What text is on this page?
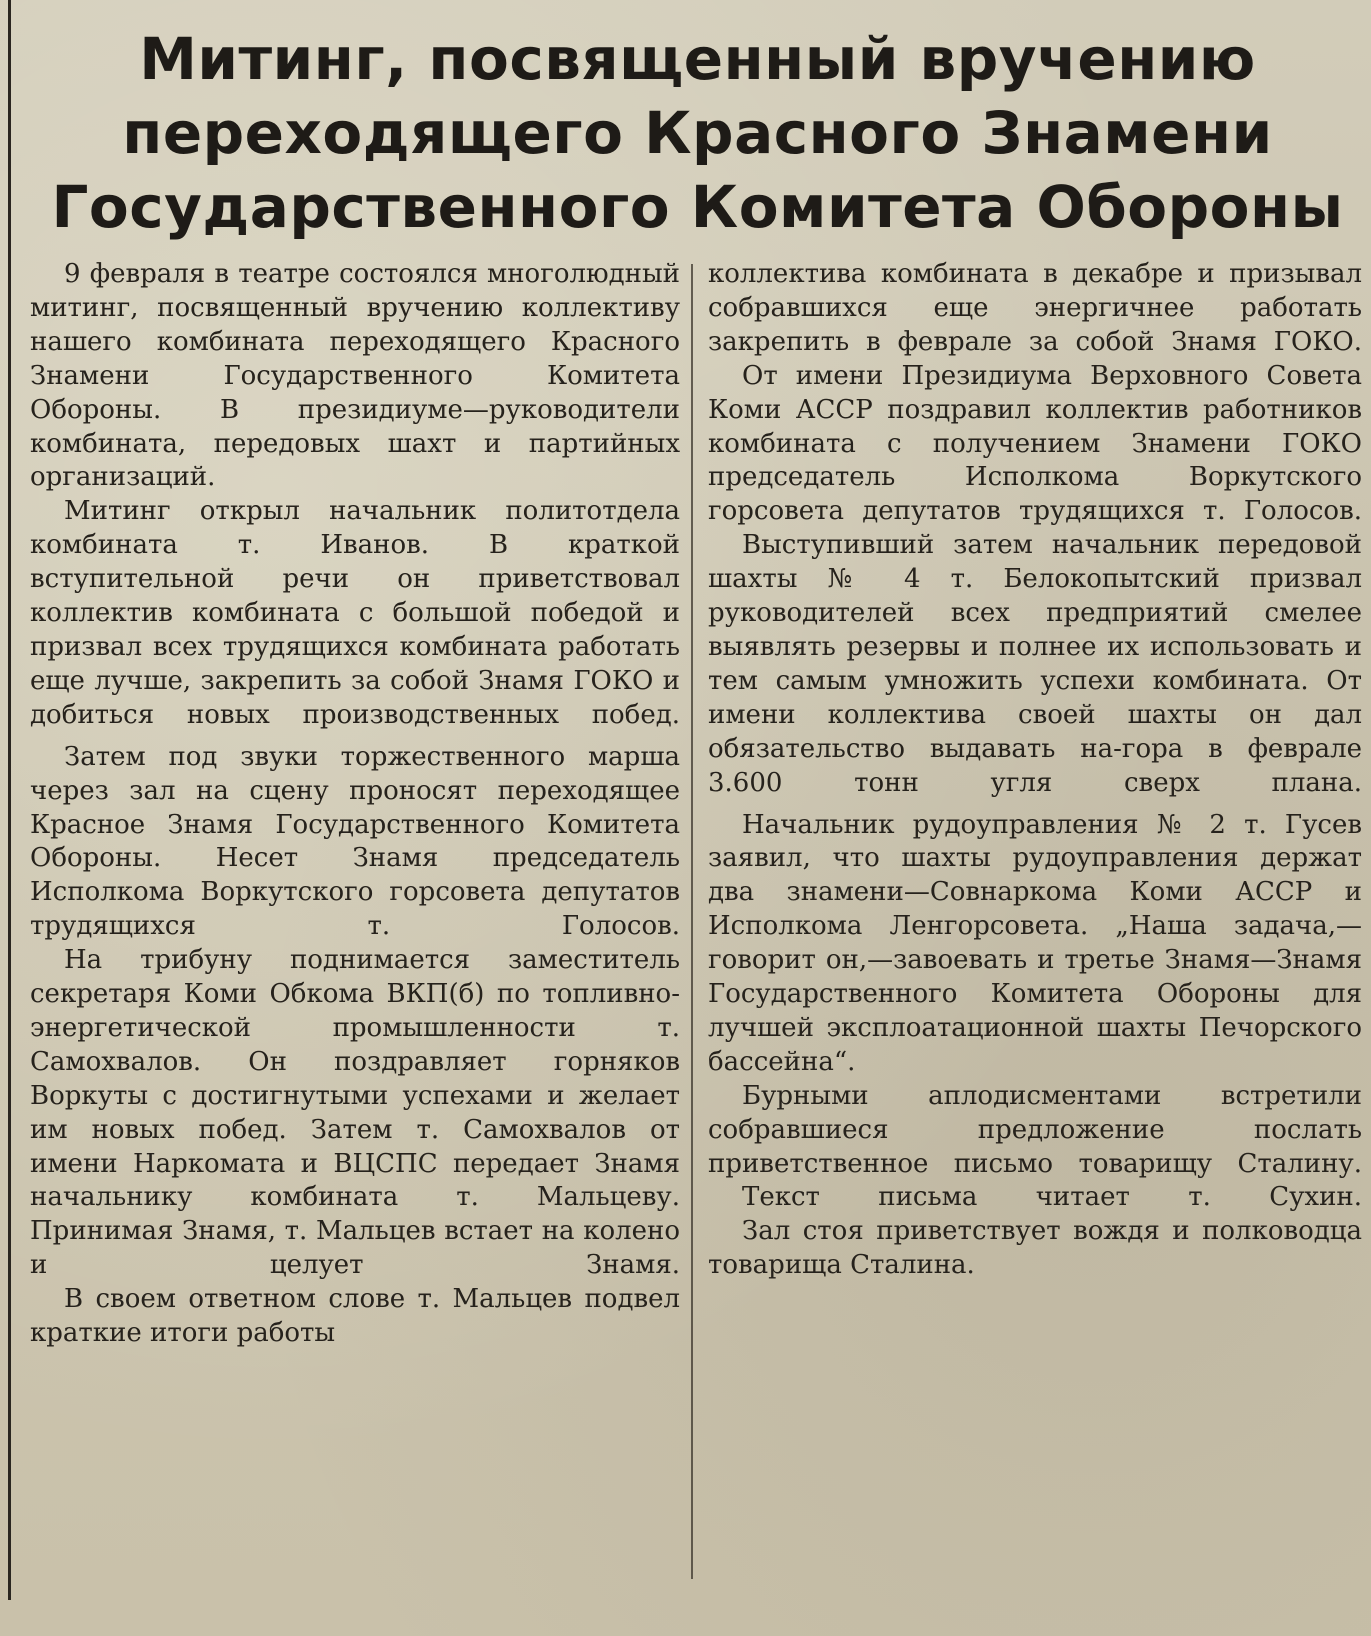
Митинг, посвященный вручению
переходящего Красного Знамени
Государственного Комитета Обороны

9 февраля в театре состоялся многолюдный митинг, посвященный вручению коллективу нашего комбината переходящего Красного Знамени Государственного Комитета Обороны. В президиуме—руководители комбината, передовых шахт и партийных организаций.

Митинг открыл начальник политотдела комбината т. Иванов. В краткой вступительной речи он приветствовал коллектив комбината с большой победой и призвал всех трудящихся комбината работать еще лучше, закрепить за собой Знамя ГОКО и добиться новых производственных побед.

Затем под звуки торжественного марша через зал на сцену проносят переходящее Красное Знамя Государственного Комитета Обороны. Несет Знамя председатель Исполкома Воркутского горсовета депутатов трудящихся т. Голосов.

На трибуну поднимается заместитель секретаря Коми Обкома ВКП(б) по топливно-энергетической промышленности т. Самохвалов. Он поздравляет горняков Воркуты с достигнутыми успехами и желает им новых побед. Затем т. Самохвалов от имени Наркомата и ВЦСПС передает Знамя начальнику комбината т. Мальцеву. Принимая Знамя, т. Мальцев встает на колено и целует Знамя.

В своем ответном слове т. Мальцев подвел краткие итоги работы

коллектива комбината в декабре и призывал собравшихся еще энергичнее работать закрепить в феврале за собой Знамя ГОКО.

От имени Президиума Верховного Совета Коми АССР поздравил коллектив работников комбината с получением Знамени ГОКО председатель Исполкома Воркутского горсовета депутатов трудящихся т. Голосов.

Выступивший затем начальник передовой шахты № 4 т. Белокопытский призвал руководителей всех предприятий смелее выявлять резервы и полнее их использовать и тем самым умножить успехи комбината. От имени коллектива своей шахты он дал обязательство выдавать на-гора в феврале 3.600 тонн угля сверх плана.

Начальник рудоуправления № 2 т. Гусев заявил, что шахты рудоуправления держат два знамени—Совнаркома Коми АССР и Исполкома Ленгорсовета. „Наша задача,—говорит он,—завоевать и третье Знамя—Знамя Государственного Комитета Обороны для лучшей эксплоатационной шахты Печорского бассейна“.

Бурными аплодисментами встретили собравшиеся предложение послать приветственное письмо товарищу Сталину.

Текст письма читает т. Сухин.

Зал стоя приветствует вождя и полководца товарища Сталина.
